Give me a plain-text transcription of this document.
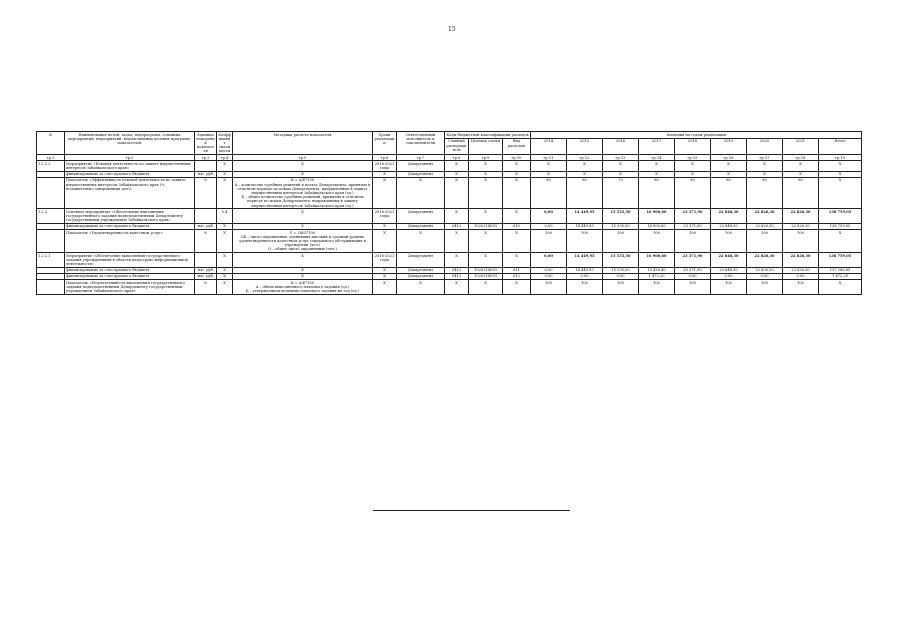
15
№	Наименование целей, задач, подпрограмм, основных мероприятий, мероприятий, ведомственных целевых программ, показателей	Единица измерения показателя	Коэффициент значимости	Методика расчета показателя	Сроки реализации	Ответственный исполнитель и соисполнители	Коды бюджетной классификации расходов			Значения по годам реализации								
							Главный распорядитель	Целевая статья	Вид расходов	2014	2015	2016	2017	2018	2019	2020	2021	Итого
гр.1	гр.2	гр.3	гр.4	гр.5	гр.6	гр.7	гр.8	гр.9	гр.10	гр.11	гр.12	гр.13	гр.14	гр.15	гр.16	гр.17	гр.18	гр.19
1.2.1.2	Мероприятие «Исковая деятельность по защите имущественных интересов Забайкальского края»		X	X	2016-2021 годы	Департамент	X	X	X	X	X	X	X	X	X	X	X	X
	финансирование за счет краевого бюджета	тыс. руб.	X	X	X	Департамент	X	X	X	X	X	X	X	X	X	X	X	X
	Показатель «Эффективность исковой деятельности по защите имущественных интересов Забайкальского края (% положительно завершенных дел)»	%	X	K = A/Б*100
A – количество судебных решений в пользу Департамента, принятых в отчетном периоде по искам Департамента, направленных в защиту имущественных интересов Забайкальского края (ед.)
Б – общее количество судебных решений, принятых в отчетном периоде по искам Департамента, направленных в защиту имущественных интересов Забайкальского края (ед.)	X	X	X	X	X	80	80	70	80	80	80	80	80	X
1.2.2.	Основное мероприятие «Обеспечение выполнения государственного задания подведомственным Департаменту государственным учреждением Забайкальского края»		0,4	X	2016-2021 годы	Департамент	X	X	X	0,00	14 449,95	15 535,50	16 900,60	23 371,90	22 848,30	22 826,30	22 826,30	138 759,05
	финансирование за счет краевого бюджета	тыс. руб.	X	X	X	Департамент	0412	1020214093	610	0,00	14 449,95	15 535,50	16 900,60	23 371,90	22 848,30	22 826,30	22 826,30	138 759,05
	Показатель «Удовлетворенность качеством услуг»	%	X	У = ОКО*100
ОК – число опрошенных, оценивших высокий и средний уровень удовлетворенности качеством услуг социального обслуживания в учреждении (чел.)
О – общее число опрошенных (чел.)	X	X	X	X	X	100	100	100	100	100	100	100	100	X
1.2.2.1	Мероприятие «Обеспечение выполнения государственного задания учреждениями в области кадастрово-информационной деятельности»		X	X	2016-2021 годы	Департамент	X	X	X	0,00	14 449,95	15 535,50	16 900,60	23 371,90	22 848,30	22 826,30	22 826,30	138 759,05
	финансирование за счет краевого бюджета	тыс. руб.	X	X	X	Департамент	0412	1020214093	611	0,00	14 449,95	15 535,50	15 428,40	23 371,90	22 848,30	22 826,30	22 826,30	137 286,85
	финансирование за счет краевого бюджета	тыс. руб.	X	X	X	Департамент	0412	1020214093	612	0,00	0,00	0,00	1 472,20	0,00	0,00	0,00	0,00	1 472,20
	Показатель «Результативность выполнения государственного задания подведомственным Департаменту государственным учреждением Забайкальского края»	%	X	K = A/Б*100
A – объем выполненного планового задания (ед.)
Б – утвержденная величина планового задания на год (ед.)	X	X	X	X	X	100	100	100	100	100	100	100	100	X
